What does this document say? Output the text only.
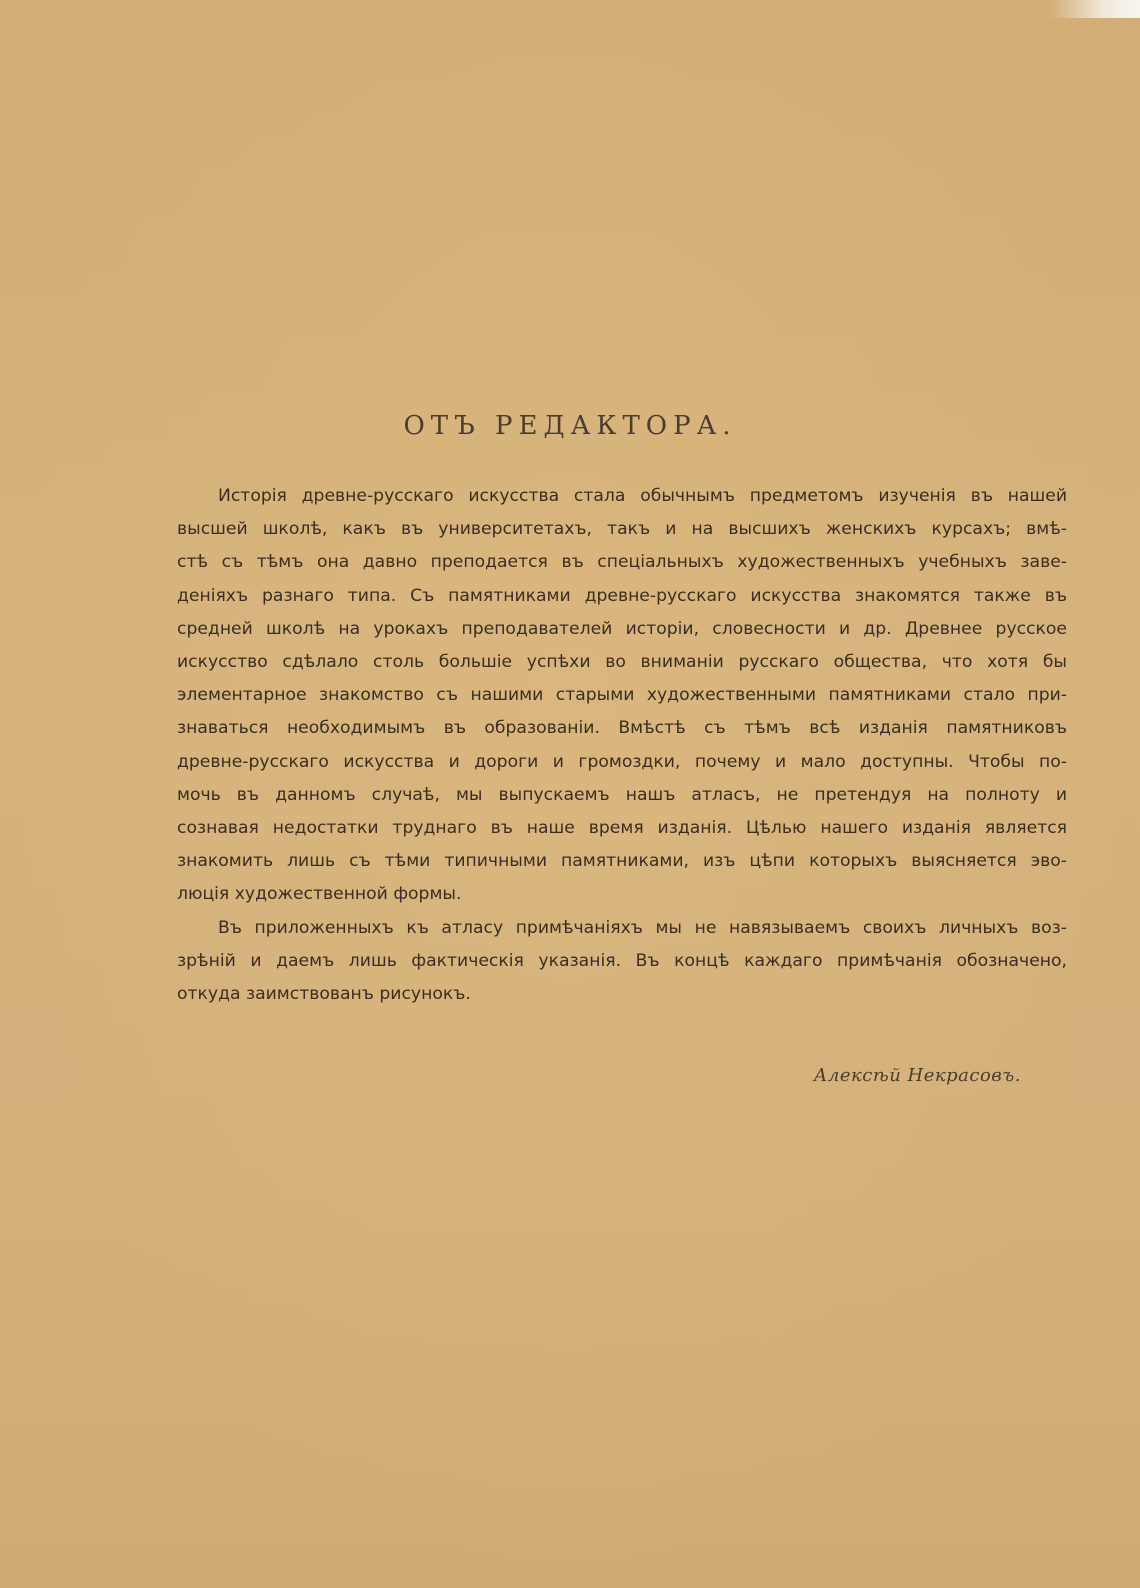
ОТЪ РЕДАКТОРА.
Исторія древне-русскаго искусства стала обычнымъ предметомъ изученія въ нашей
высшей школѣ, какъ въ университетахъ, такъ и на высшихъ женскихъ курсахъ; вмѣ-
стѣ съ тѣмъ она давно преподается въ спеціальныхъ художественныхъ учебныхъ заве-
деніяхъ разнаго типа. Съ памятниками древне-русскаго искусства знакомятся также въ
средней школѣ на урокахъ преподавателей исторіи, словесности и др. Древнее русское
искусство сдѣлало столь большіе успѣхи во вниманіи русскаго общества, что хотя бы
элементарное знакомство съ нашими старыми художественными памятниками стало при-
знаваться необходимымъ въ образованіи. Вмѣстѣ съ тѣмъ всѣ изданія памятниковъ
древне-русскаго искусства и дороги и громоздки, почему и мало доступны. Чтобы по-
мочь въ данномъ случаѣ, мы выпускаемъ нашъ атласъ, не претендуя на полноту и
сознавая недостатки труднаго въ наше время изданія. Цѣлью нашего изданія является
знакомить лишь съ тѣми типичными памятниками, изъ цѣпи которыхъ выясняется эво-
люція художественной формы.
Въ приложенныхъ къ атласу примѣчаніяхъ мы не навязываемъ своихъ личныхъ воз-
зрѣній и даемъ лишь фактическія указанія. Въ концѣ каждаго примѣчанія обозначено,
откуда заимствованъ рисунокъ.
Алексѣй Некрасовъ.
